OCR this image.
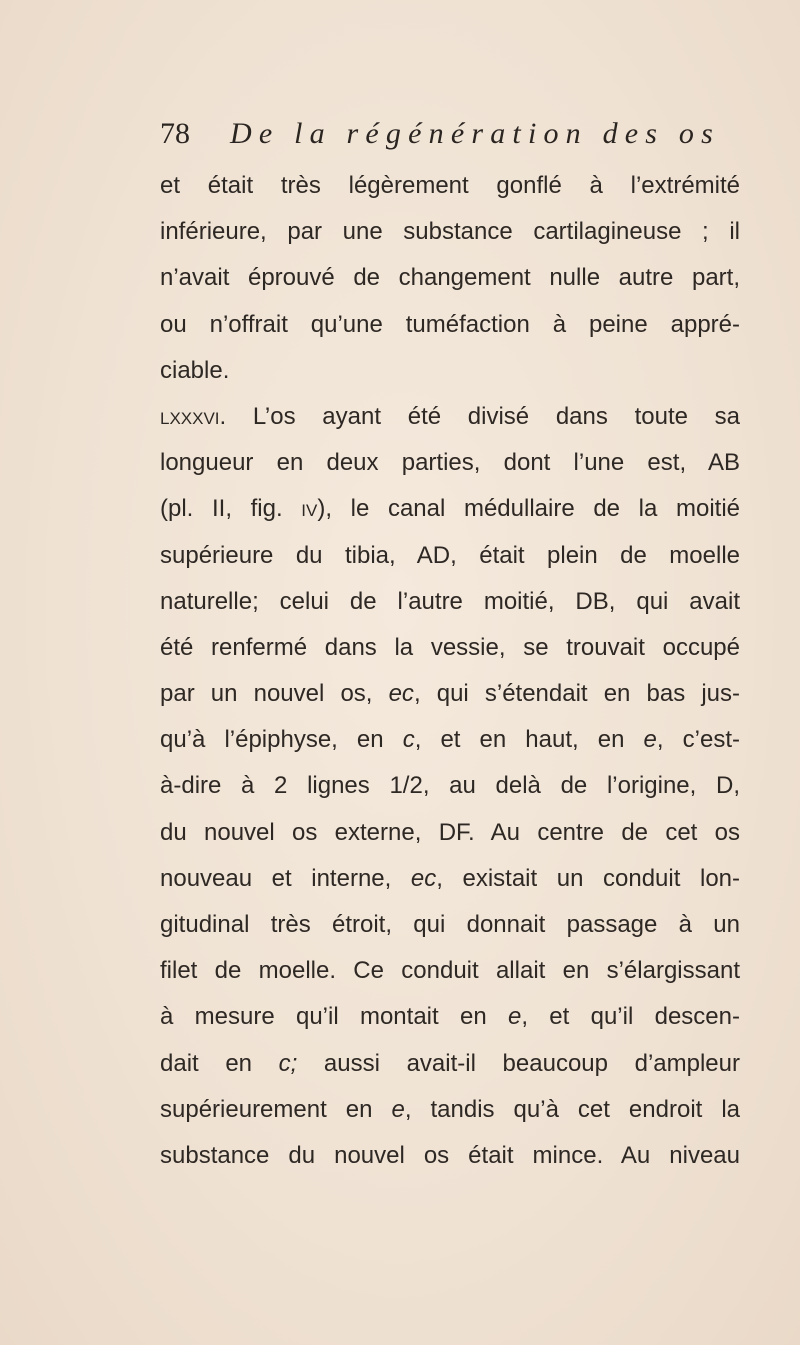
78 De la régénération des os
et était très légèrement gonflé à l’extrémité
inférieure, par une substance cartilagineuse ; il
n’avait éprouvé de changement nulle autre part,
ou n’offrait qu’une tuméfaction à peine appré-
ciable.
lxxxvi. L’os ayant été divisé dans toute sa
longueur en deux parties, dont l’une est, AB
(pl. II, fig. iv), le canal médullaire de la moitié
supérieure du tibia, AD, était plein de moelle
naturelle; celui de l’autre moitié, DB, qui avait
été renfermé dans la vessie, se trouvait occupé
par un nouvel os, ec, qui s’étendait en bas jus-
qu’à l’épiphyse, en c, et en haut, en e, c’est-
à-dire à 2 lignes 1/2, au delà de l’origine, D,
du nouvel os externe, DF. Au centre de cet os
nouveau et interne, ec, existait un conduit lon-
gitudinal très étroit, qui donnait passage à un
filet de moelle. Ce conduit allait en s’élargissant
à mesure qu’il montait en e, et qu’il descen-
dait en c; aussi avait-il beaucoup d’ampleur
supérieurement en e, tandis qu’à cet endroit la
substance du nouvel os était mince. Au niveau
